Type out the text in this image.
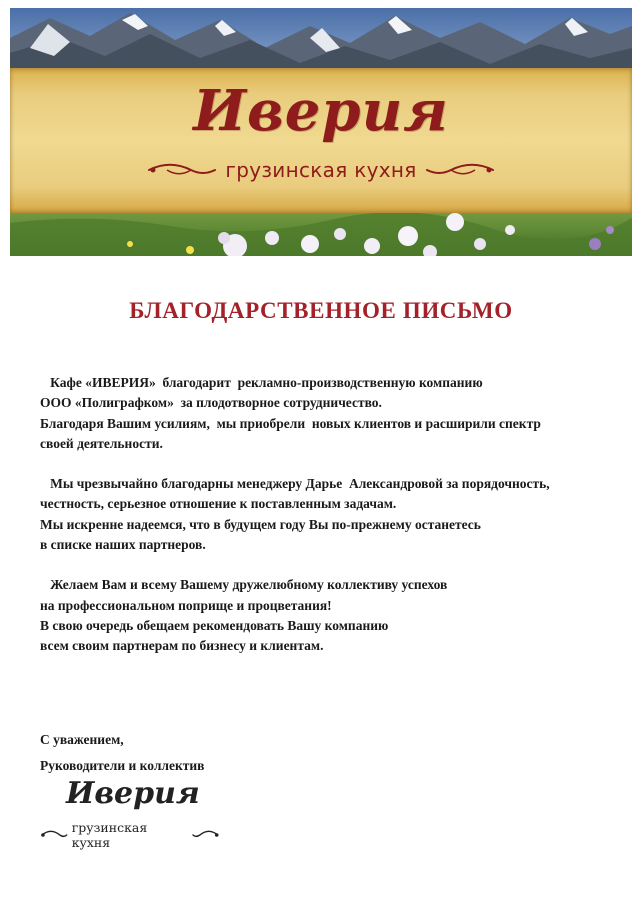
Иверия
грузинская кухня
БЛАГОДАРСТВЕННОЕ ПИСЬМО
Кафе «ИВЕРИЯ»  благодарит  рекламно-производственную компанию
ООО «Полиграфком»  за плодотворное сотрудничество.
Благодаря Вашим усилиям,  мы приобрели  новых клиентов и расширили спектр
своей деятельности.
Мы чрезвычайно благодарны менеджеру Дарье  Александровой за порядочность,
честность, серьезное отношение к поставленным задачам.
Мы искренне надеемся, что в будущем году Вы по-прежнему останетесь
в списке наших партнеров.
Желаем Вам и всему Вашему дружелюбному коллективу успехов
на профессиональном поприще и процветания!
В свою очередь обещаем рекомендовать Вашу компанию
всем своим партнерам по бизнесу и клиентам.
С уважением,
Руководители и коллектив
Иверия
грузинская кухня
